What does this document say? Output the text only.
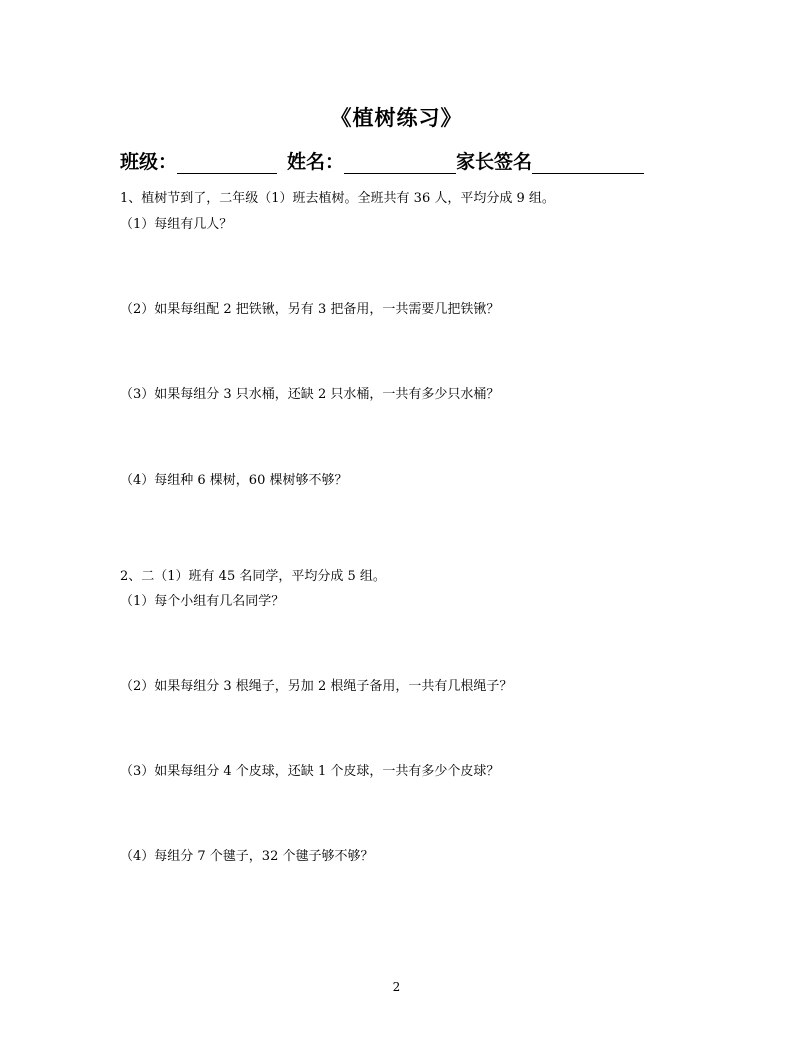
《植树练习》
班级：	姓名：	家长签名
1、植树节到了，二年级（1）班去植树。全班共有 36 人，平均分成 9 组。
（1）每组有几人？
（2）如果每组配 2 把铁锹，另有 3 把备用，一共需要几把铁锹？
（3）如果每组分 3 只水桶，还缺 2 只水桶，一共有多少只水桶？
（4）每组种 6 棵树，60 棵树够不够？
2、二（1）班有 45 名同学，平均分成 5 组。
（1）每个小组有几名同学？
（2）如果每组分 3 根绳子，另加 2 根绳子备用，一共有几根绳子？
（3）如果每组分 4 个皮球，还缺 1 个皮球，一共有多少个皮球？
（4）每组分 7 个毽子，32 个毽子够不够？
2
